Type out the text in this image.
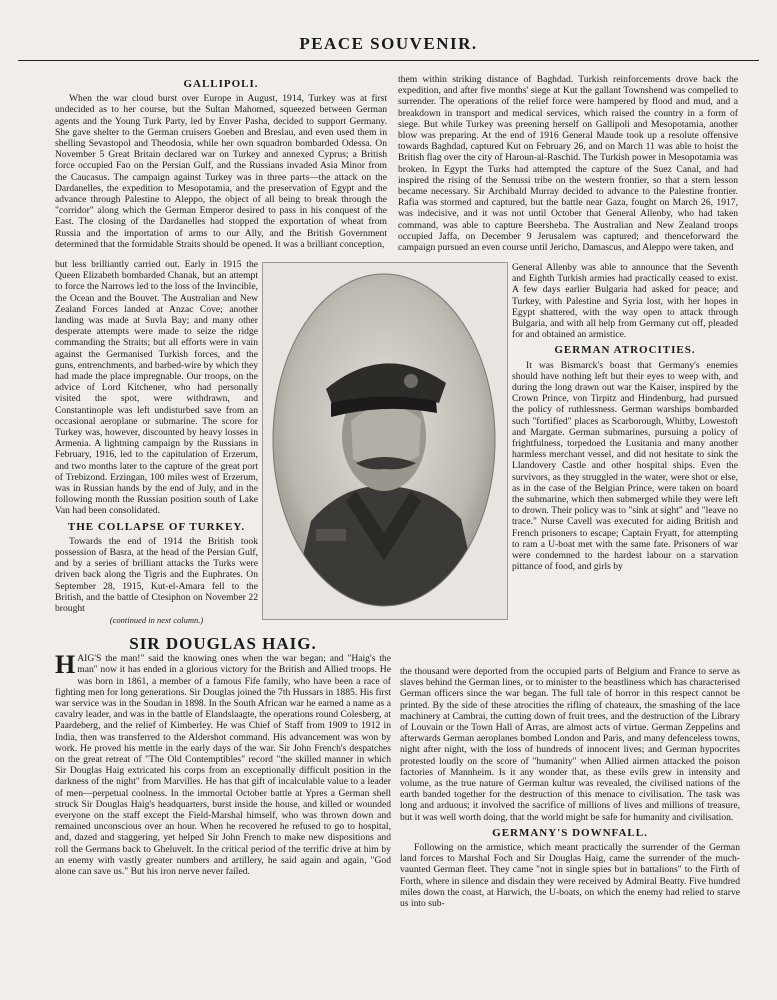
PEACE SOUVENIR.
GALLIPOLI.

When the war cloud burst over Europe in August, 1914, Turkey was at first undecided as to her course, but the Sultan Mahomed, squeezed between German agents and the Young Turk Party, led by Enver Pasha, decided to support Germany. She gave shelter to the German cruisers Goeben and Breslau, and even used them in shelling Sevastopol and Theodosia, while her own squadron bombarded Odessa. On November 5 Great Britain declared war on Turkey and annexed Cyprus; a British force occupied Fao on the Persian Gulf, and the Russians invaded Asia Minor from the Caucasus. The campaign against Turkey was in three parts—the attack on the Dardanelles, the expedition to Mesopotamia, and the preservation of Egypt and the advance through Palestine to Aleppo, the object of all being to break through the "corridor" along which the German Emperor desired to pass in his conquest of the East. The closing of the Dardanelles had stopped the exportation of wheat from Russia and the importation of arms to our Ally, and the British Government determined that the formidable Straits should be opened. It was a brilliant conception,

but less brilliantly carried out. Early in 1915 the Queen Elizabeth bombarded Chanak, but an attempt to force the Narrows led to the loss of the Invincible, the Ocean and the Bouvet. The Australian and New Zealand Forces landed at Anzac Cove; another landing was made at Suvla Bay; and many other desperate attempts were made to seize the ridge commanding the Straits; but all efforts were in vain against the Germanised Turkish forces, and the guns, entrenchments, and barbed-wire by which they had made the place impregnable. Our troops, on the advice of Lord Kitchener, who had personally visited the spot, were withdrawn, and Constantinople was left undisturbed save from an occasional aeroplane or submarine. The score for Turkey was, however, discounted by heavy losses in Armenia. A lightning campaign by the Russians in February, 1916, led to the capitulation of Erzerum, and two months later to the capture of the great port of Trebizond. Erzingan, 100 miles west of Erzerum, was in Russian hands by the end of July, and in the following month the Russian position south of Lake Van had been consolidated.

THE COLLAPSE OF TURKEY.

Towards the end of 1914 the British took possession of Basra, at the head of the Persian Gulf, and by a series of brilliant attacks the Turks were driven back along the Tigris and the Euphrates. On September 28, 1915, Kut-el-Amara fell to the British, and the battle of Ctesiphon on November 22 brought

(continued in next column.)

them within striking distance of Baghdad. Turkish reinforcements drove back the expedition, and after five months' siege at Kut the gallant Townshend was compelled to surrender. The operations of the relief force were hampered by flood and mud, and a breakdown in transport and medical services, which raised the country in a form of siege. But while Turkey was preening herself on Gallipoli and Mesopotamia, another blow was preparing. At the end of 1916 General Maude took up a resolute offensive towards Baghdad, captured Kut on February 26, and on March 11 was able to hoist the British flag over the city of Haroun-al-Raschid. The Turkish power in Mesopotamia was broken. In Egypt the Turks had attempted the capture of the Suez Canal, and had inspired the rising of the Senussi tribe on the western frontier, so that a stern lesson became necessary. Sir Archibald Murray decided to advance to the Palestine frontier. Rafia was stormed and captured, but the battle near Gaza, fought on March 26, 1917, was indecisive, and it was not until October that General Allenby, who had taken command, was able to capture Beersheba. The Australian and New Zealand troops occupied Jaffa, on December 9 Jerusalem was captured; and thenceforward the campaign pursued an even course until Jericho, Damascus, and Aleppo were taken, and

General Allenby was able to announce that the Seventh and Eighth Turkish armies had practically ceased to exist. A few days earlier Bulgaria had asked for peace; and Turkey, with Palestine and Syria lost, with her hopes in Egypt shattered, with the way open to attack through Bulgaria, and with all help from Germany cut off, pleaded for and obtained an armistice.

GERMAN ATROCITIES.

It was Bismarck's boast that Germany's enemies should have nothing left but their eyes to weep with, and during the long drawn out war the Kaiser, inspired by the Crown Prince, von Tirpitz and Hindenburg, had pursued the policy of ruthlessness. German warships bombarded such "fortified" places as Scarborough, Whitby, Lowestoft and Margate. German submarines, pursuing a policy of frightfulness, torpedoed the Lusitania and many another harmless merchant vessel, and did not hesitate to sink the Llandovery Castle and other hospital ships. Even the survivors, as they struggled in the water, were shot or else, as in the case of the Belgian Prince, were taken on board the submarine, which then submerged while they were left to drown. Their policy was to "sink at sight" and "leave no trace." Nurse Cavell was executed for aiding British and French prisoners to escape; Captain Fryatt, for attempting to ram a U-boat met with the same fate. Prisoners of war were condemned to the hardest labour on a starvation pittance of food, and girls by

SIR DOUGLAS HAIG.

HAIG'S the man!" said the knowing ones when the war began; and "Haig's the man" now it has ended in a glorious victory for the British and Allied troops. He was born in 1861, a member of a famous Fife family, who have been a race of fighting men for long generations. Sir Douglas joined the 7th Hussars in 1885. His first war service was in the Soudan in 1898. In the South African war he earned a name as a cavalry leader, and was in the battle of Elandslaagte, the operations round Colesberg, at Paardeberg, and the relief of Kimberley. He was Chief of Staff from 1909 to 1912 in India, then was transferred to the Aldershot command. His advancement was won by work. He proved his mettle in the early days of the war. Sir John French's despatches on the great retreat of "The Old Contemptibles" record "the skilled manner in which Sir Douglas Haig extricated his corps from an exceptionally difficult position in the darkness of the night" from Marvilles. He has that gift of incalculable value to a leader of men—perpetual coolness. In the immortal October battle at Ypres a German shell struck Sir Douglas Haig's headquarters, burst inside the house, and killed or wounded everyone on the staff except the Field-Marshal himself, who was thrown down and remained unconscious over an hour. When he recovered he refused to go to hospital, and, dazed and staggering, yet helped Sir John French to make new dispositions and roll the Germans back to Gheluvelt. In the critical period of the terrific drive at him by an enemy with vastly greater numbers and artillery, he said again and again, "God alone can save us." But his iron nerve never failed.

the thousand were deported from the occupied parts of Belgium and France to serve as slaves behind the German lines, or to minister to the beastliness which has characterised German officers since the war began. The full tale of horror in this respect cannot be printed. By the side of these atrocities the rifling of chateaux, the smashing of the lace machinery at Cambrai, the cutting down of fruit trees, and the destruction of the Library of Louvain or the Town Hall of Arras, are almost acts of virtue. German Zeppelins and afterwards German aeroplanes bombed London and Paris, and many defenceless towns, night after night, with the loss of hundreds of innocent lives; and German hypocrites protested loudly on the score of "humanity" when Allied airmen attacked the poison factories of Mannheim. Is it any wonder that, as these evils grew in intensity and volume, as the true nature of German kultur was revealed, the civilised nations of the earth banded together for the destruction of this menace to civilisation. The task was long and arduous; it involved the sacrifice of millions of lives and millions of treasure, but it was well worth doing, that the world might be safe for humanity and civilisation.

GERMANY'S DOWNFALL.

Following on the armistice, which meant practically the surrender of the German land forces to Marshal Foch and Sir Douglas Haig, came the surrender of the much-vaunted German fleet. They came "not in single spies but in battalions" to the Firth of Forth, where in silence and disdain they were received by Admiral Beatty. Five hundred miles down the coast, at Harwich, the U-boats, on which the enemy had relied to starve us into sub-
